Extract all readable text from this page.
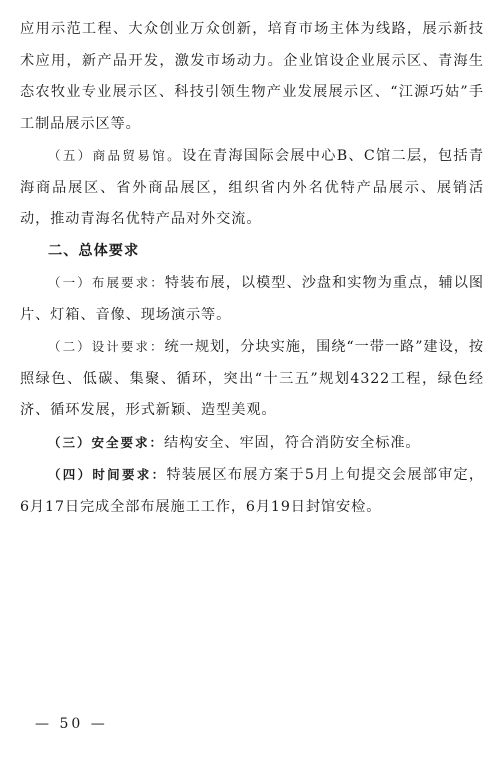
应用示范工程、大众创业万众创新，培育市场主体为线路，展示新技术应用，新产品开发，激发市场动力。企业馆设企业展示区、青海生态农牧业专业展示区、科技引领生物产业发展展示区、“江源巧姑”手工制品展示区等。

（五）商品贸易馆。设在青海国际会展中心B、C馆二层，包括青海商品展区、省外商品展区，组织省内外名优特产品展示、展销活动，推动青海名优特产品对外交流。

二、总体要求

（一）布展要求：特装布展，以模型、沙盘和实物为重点，辅以图片、灯箱、音像、现场演示等。

（二）设计要求：统一规划，分块实施，围绕“一带一路”建设，按照绿色、低碳、集聚、循环，突出“十三五”规划4322工程，绿色经济、循环发展，形式新颖、造型美观。

（三）安全要求：结构安全、牢固，符合消防安全标准。

（四）时间要求：特装展区布展方案于5月上旬提交会展部审定，6月17日完成全部布展施工工作，6月19日封馆安检。

— 50 —
